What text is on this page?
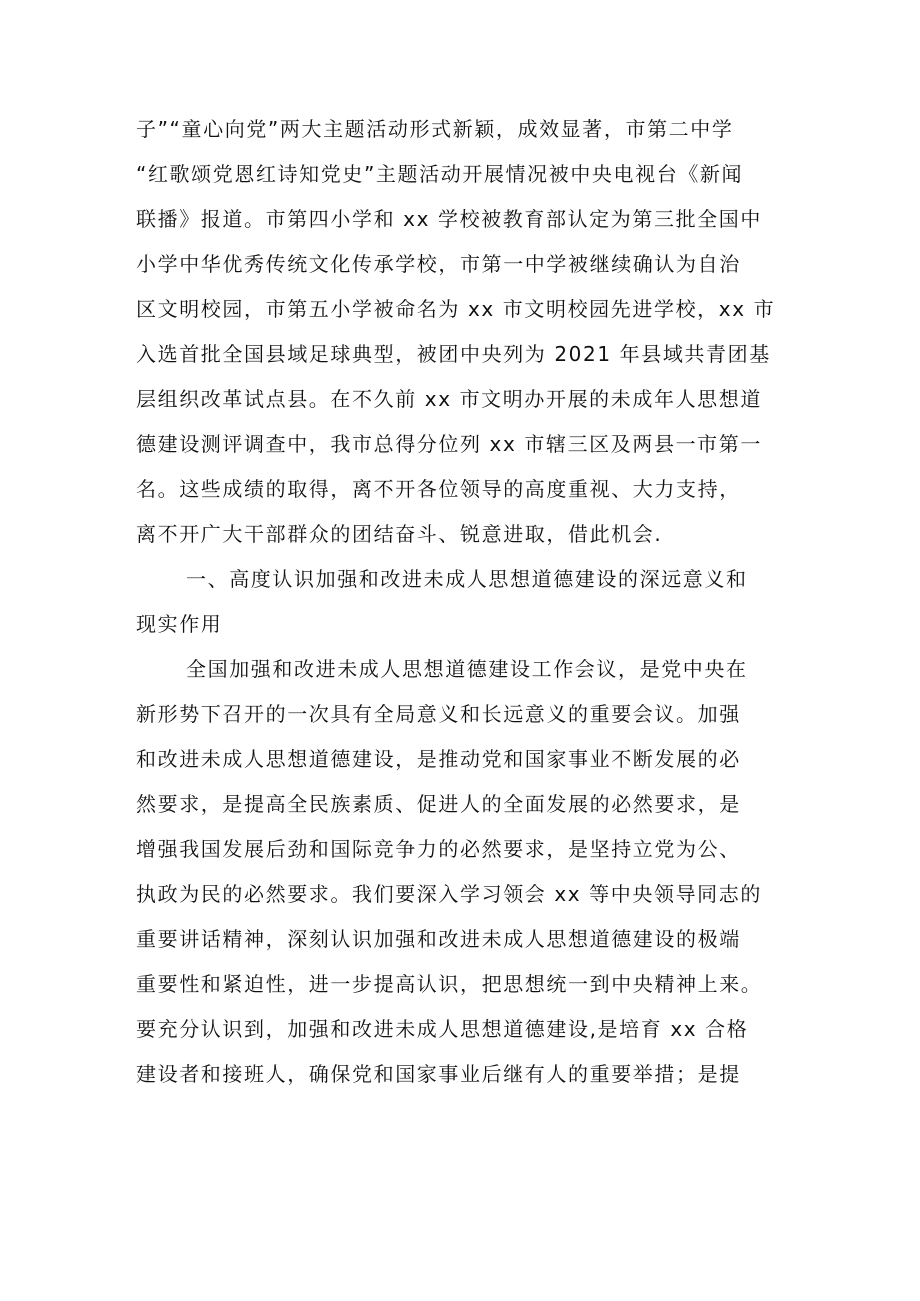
子”“童心向党”两大主题活动形式新颖，成效显著，市第二中学
“红歌颂党恩红诗知党史”主题活动开展情况被中央电视台《新闻
联播》报道。市第四小学和 xx 学校被教育部认定为第三批全国中
小学中华优秀传统文化传承学校，市第一中学被继续确认为自治
区文明校园，市第五小学被命名为 xx 市文明校园先进学校，xx 市
入选首批全国县域足球典型，被团中央列为 2021 年县域共青团基
层组织改革试点县。在不久前 xx 市文明办开展的未成年人思想道
德建设测评调查中，我市总得分位列 xx 市辖三区及两县一市第一
名。这些成绩的取得，离不开各位领导的高度重视、大力支持，
离不开广大干部群众的团结奋斗、锐意进取，借此机会.
一、高度认识加强和改进未成人思想道德建设的深远意义和
现实作用
全国加强和改进未成人思想道德建设工作会议，是党中央在
新形势下召开的一次具有全局意义和长远意义的重要会议。加强
和改进未成人思想道德建设，是推动党和国家事业不断发展的必
然要求，是提高全民族素质、促进人的全面发展的必然要求，是
增强我国发展后劲和国际竞争力的必然要求，是坚持立党为公、
执政为民的必然要求。我们要深入学习领会 xx 等中央领导同志的
重要讲话精神，深刻认识加强和改进未成人思想道德建设的极端
重要性和紧迫性，进一步提高认识，把思想统一到中央精神上来。
要充分认识到，加强和改进未成人思想道德建设,是培育 xx 合格
建设者和接班人，确保党和国家事业后继有人的重要举措；是提
